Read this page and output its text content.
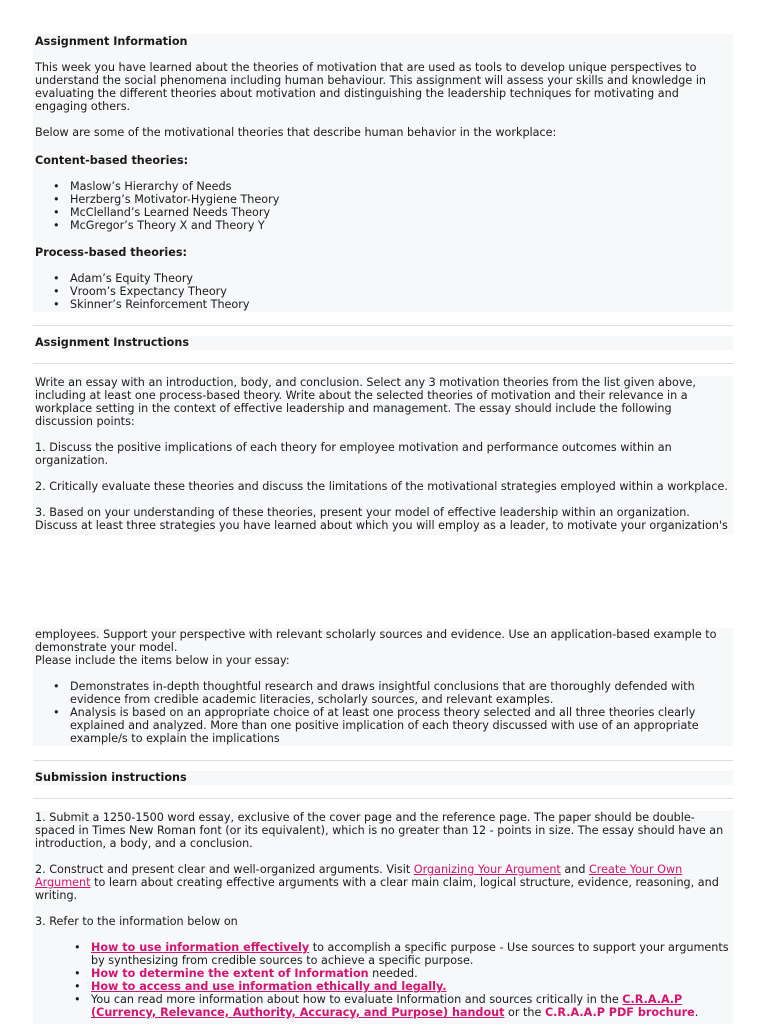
Assignment Information

This week you have learned about the theories of motivation that are used as tools to develop unique perspectives to understand the social phenomena including human behaviour. This assignment will assess your skills and knowledge in evaluating the different theories about motivation and distinguishing the leadership techniques for motivating and engaging others.

Below are some of the motivational theories that describe human behavior in the workplace:

Content-based theories:

• Maslow’s Hierarchy of Needs
• Herzberg’s Motivator-Hygiene Theory
• McClelland’s Learned Needs Theory
• McGregor’s Theory X and Theory Y

Process-based theories:

• Adam’s Equity Theory
• Vroom’s Expectancy Theory
• Skinner’s Reinforcement Theory

Assignment Instructions

Write an essay with an introduction, body, and conclusion. Select any 3 motivation theories from the list given above, including at least one process-based theory. Write about the selected theories of motivation and their relevance in a workplace setting in the context of effective leadership and management. The essay should include the following discussion points:

1. Discuss the positive implications of each theory for employee motivation and performance outcomes within an organization.

2. Critically evaluate these theories and discuss the limitations of the motivational strategies employed within a workplace.

3. Based on your understanding of these theories, present your model of effective leadership within an organization. Discuss at least three strategies you have learned about which you will employ as a leader, to motivate your organization's

employees. Support your perspective with relevant scholarly sources and evidence. Use an application-based example to demonstrate your model.

Please include the items below in your essay:

• Demonstrates in-depth thoughtful research and draws insightful conclusions that are thoroughly defended with evidence from credible academic literacies, scholarly sources, and relevant examples.
• Analysis is based on an appropriate choice of at least one process theory selected and all three theories clearly explained and analyzed. More than one positive implication of each theory discussed with use of an appropriate example/s to explain the implications

Submission instructions

1. Submit a 1250-1500 word essay, exclusive of the cover page and the reference page. The paper should be double-spaced in Times New Roman font (or its equivalent), which is no greater than 12 - points in size. The essay should have an introduction, a body, and a conclusion.

2. Construct and present clear and well-organized arguments. Visit Organizing Your Argument and Create Your Own Argument to learn about creating effective arguments with a clear main claim, logical structure, evidence, reasoning, and writing.

3. Refer to the information below on

• How to use information effectively to accomplish a specific purpose - Use sources to support your arguments by synthesizing from credible sources to achieve a specific purpose.
• How to determine the extent of Information needed.
• How to access and use information ethically and legally.
• You can read more information about how to evaluate Information and sources critically in the C.R.A.A.P (Currency, Relevance, Authority, Accuracy, and Purpose) handout or the C.R.A.A.P PDF brochure.
